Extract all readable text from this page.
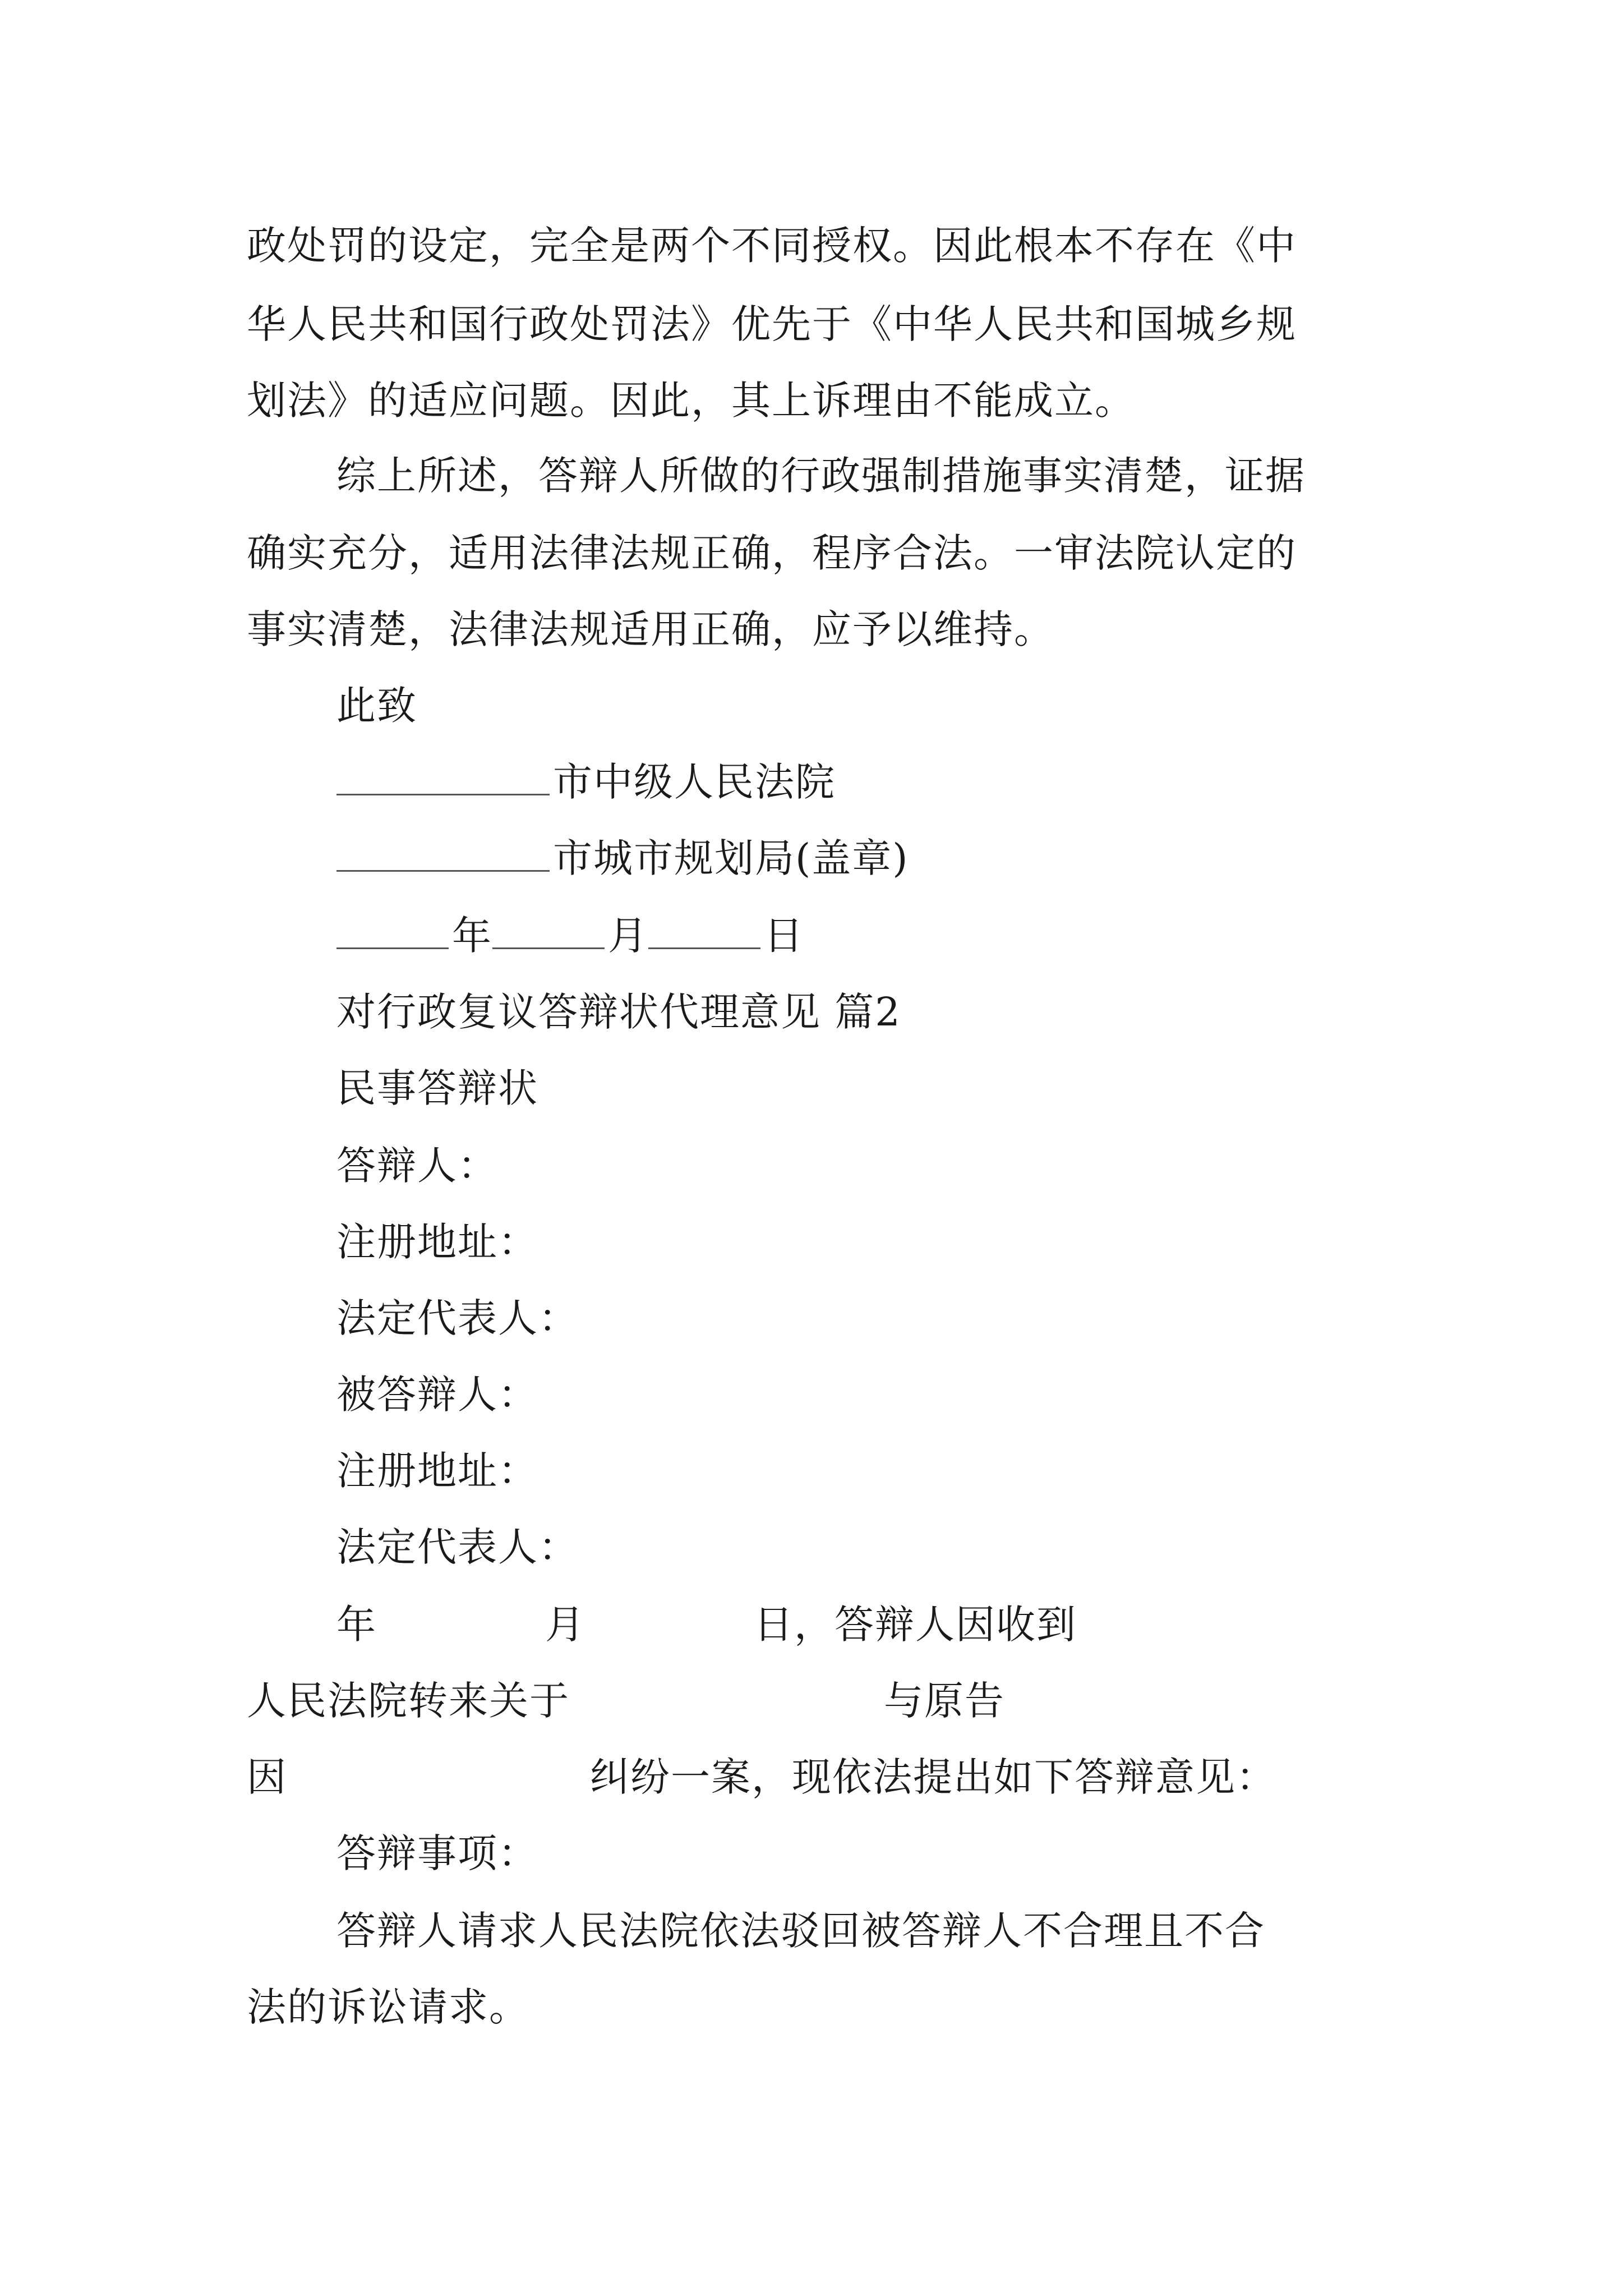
政处罚的设定，完全是两个不同授权。因此根本不存在《中
华人民共和国行政处罚法》优先于《中华人民共和国城乡规
划法》的适应问题。因此，其上诉理由不能成立。
综上所述，答辩人所做的行政强制措施事实清楚，证据
确实充分，适用法律法规正确，程序合法。一审法院认定的
事实清楚，法律法规适用正确，应予以维持。
此致
市中级人民法院
市城市规划局(盖章)
年	月	日
对行政复议答辩状代理意见 篇2
民事答辩状
答辩人：
注册地址：
法定代表人：
被答辩人：
注册地址：
法定代表人：
年	月	日，答辩人因收到
人民法院转来关于	与原告
因	纠纷一案，现依法提出如下答辩意见：
答辩事项：
答辩人请求人民法院依法驳回被答辩人不合理且不合
法的诉讼请求。
